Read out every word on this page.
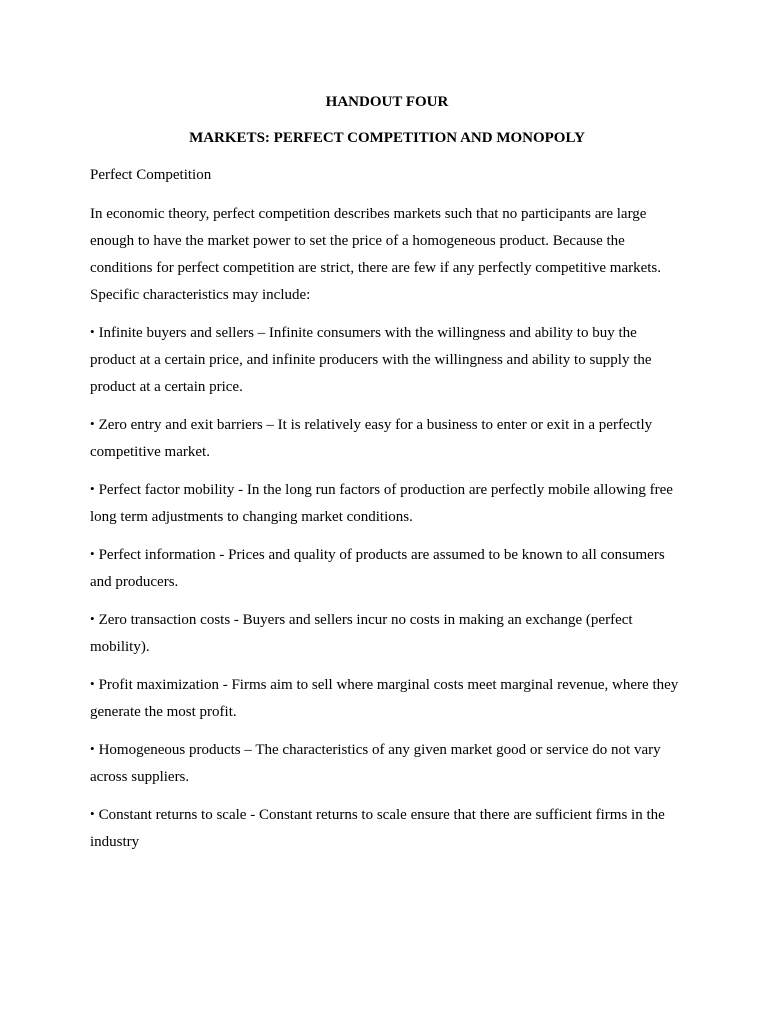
HANDOUT FOUR
MARKETS: PERFECT COMPETITION AND MONOPOLY

Perfect Competition

In economic theory, perfect competition describes markets such that no participants are large enough to have the market power to set the price of a homogeneous product. Because the conditions for perfect competition are strict, there are few if any perfectly competitive markets. Specific characteristics may include:

• Infinite buyers and sellers – Infinite consumers with the willingness and ability to buy the product at a certain price, and infinite producers with the willingness and ability to supply the product at a certain price.
• Zero entry and exit barriers – It is relatively easy for a business to enter or exit in a perfectly competitive market.
• Perfect factor mobility - In the long run factors of production are perfectly mobile allowing free long term adjustments to changing market conditions.
• Perfect information - Prices and quality of products are assumed to be known to all consumers and producers.
• Zero transaction costs - Buyers and sellers incur no costs in making an exchange (perfect mobility).
• Profit maximization - Firms aim to sell where marginal costs meet marginal revenue, where they generate the most profit.
• Homogeneous products – The characteristics of any given market good or service do not vary across suppliers.
• Constant returns to scale - Constant returns to scale ensure that there are sufficient firms in the industry
